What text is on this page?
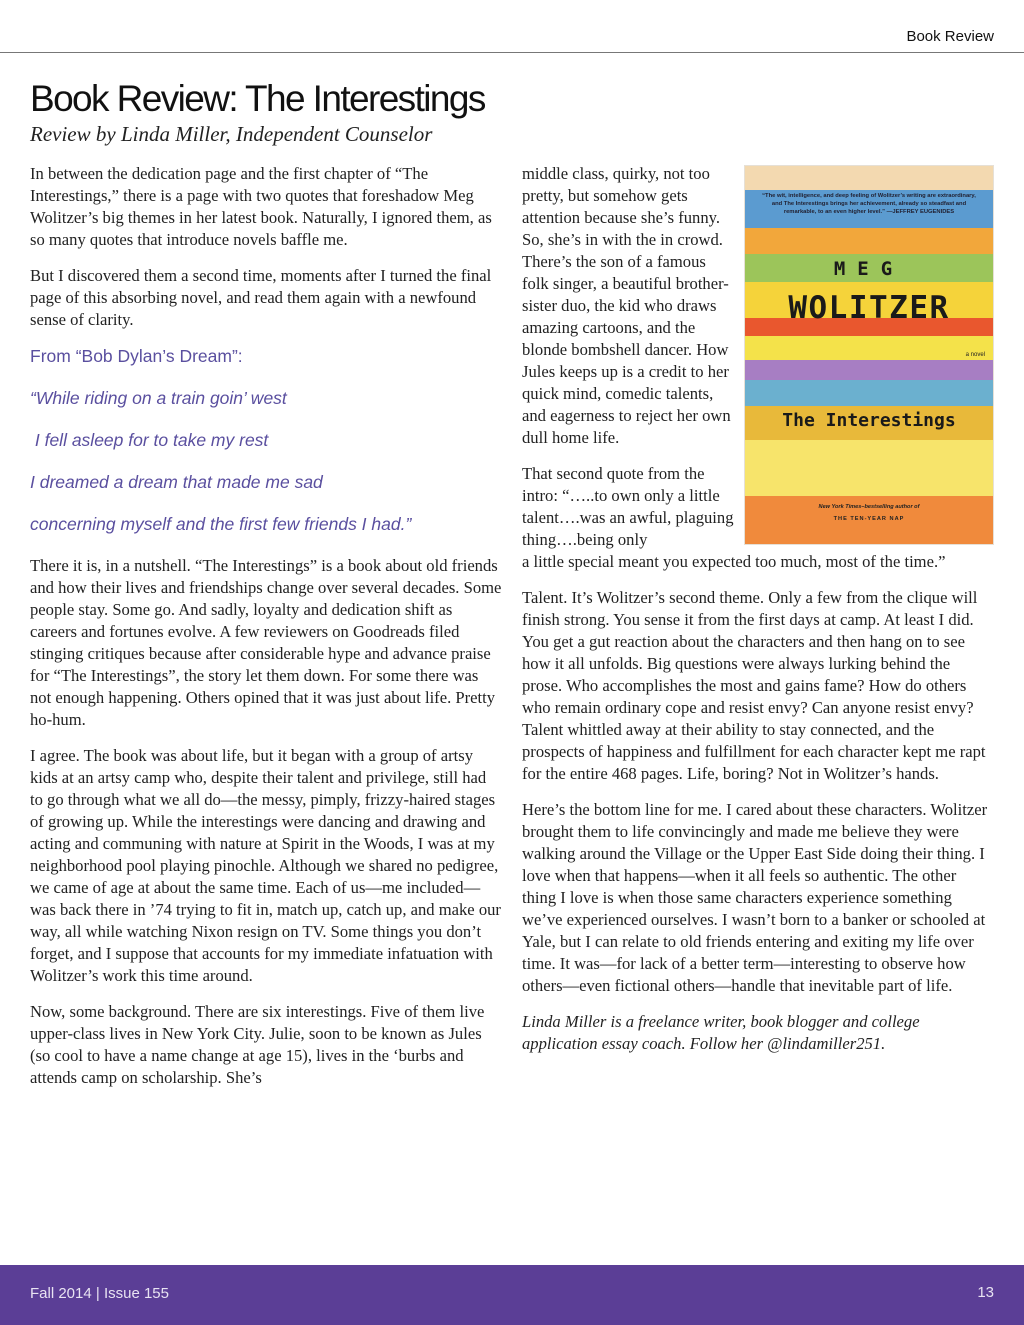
Book Review
Book Review: The Interestings

Review by Linda Miller, Independent Counselor

In between the dedication page and the first chapter of “The Interestings,” there is a page with two quotes that foreshadow Meg Wolitzer’s big themes in her latest book. Naturally, I ignored them, as so many quotes that introduce novels baffle me.

But I discovered them a second time, moments after I turned the final page of this absorbing novel, and read them again with a newfound sense of clarity.

From “Bob Dylan’s Dream”:

“While riding on a train goin’ west

I fell asleep for to take my rest

I dreamed a dream that made me sad

concerning myself and the first few friends I had.”

There it is, in a nutshell. “The Interestings” is a book about old friends and how their lives and friendships change over several decades. Some people stay. Some go. And sadly, loyalty and dedication shift as careers and fortunes evolve. A few reviewers on Goodreads filed stinging critiques because after considerable hype and advance praise for “The Interestings”, the story let them down. For some there was not enough happening. Others opined that it was just about life. Pretty ho-hum.

I agree. The book was about life, but it began with a group of artsy kids at an artsy camp who, despite their talent and privilege, still had to go through what we all do—the messy, pimply, frizzy-haired stages of growing up. While the interestings were dancing and drawing and acting and communing with nature at Spirit in the Woods, I was at my neighborhood pool playing pinochle. Although we shared no pedigree, we came of age at about the same time. Each of us—me included—was back there in ’74 trying to fit in, match up, catch up, and make our way, all while watching Nixon resign on TV. Some things you don’t forget, and I suppose that accounts for my immediate infatuation with Wolitzer’s work this time around.

Now, some background. There are six interestings. Five of them live upper-class lives in New York City. Julie, soon to be known as Jules (so cool to have a name change at age 15), lives in the ‘burbs and attends camp on scholarship. She’s

middle class, quirky, not too pretty, but somehow gets attention because she’s funny. So, she’s in with the in crowd. There’s the son of a famous folk singer, a beautiful brother-sister duo, the kid who draws amazing cartoons, and the blonde bombshell dancer. How Jules keeps up is a credit to her quick mind, comedic talents, and eagerness to reject her own dull home life.

That second quote from the intro: “…..to own only a little talent….was an awful, plaguing thing….being only
a little special meant you expected too much, most of the time.”

Talent. It’s Wolitzer’s second theme. Only a few from the clique will finish strong. You sense it from the first days at camp. At least I did. You get a gut reaction about the characters and then hang on to see how it all unfolds. Big questions were always lurking behind the prose. Who accomplishes the most and gains fame? How do others who remain ordinary cope and resist envy? Can anyone resist envy? Talent whittled away at their ability to stay connected, and the prospects of happiness and fulfillment for each character kept me rapt for the entire 468 pages. Life, boring? Not in Wolitzer’s hands.

Here’s the bottom line for me. I cared about these characters. Wolitzer brought them to life convincingly and made me believe they were walking around the Village or the Upper East Side doing their thing. I love when that happens—when it all feels so authentic. The other thing I love is when those same characters experience something we’ve experienced ourselves. I wasn’t born to a banker or schooled at Yale, but I can relate to old friends entering and exiting my life over time. It was—for lack of a better term—interesting to observe how others—even fictional others—handle that inevitable part of life.

Linda Miller is a freelance writer, book blogger and college application essay coach. Follow her @lindamiller251.

“The wit, intelligence, and deep feeling of Wolitzer’s writing are extraordinary, and The Interestings brings her achievement, already so steadfast and remarkable, to an even higher level.” —JEFFREY EUGENIDES
MEG
WOLITZER
a novel
The Interestings
New York Times–bestselling author of
THE TEN-YEAR NAP
Fall 2014 | Issue 155	13
